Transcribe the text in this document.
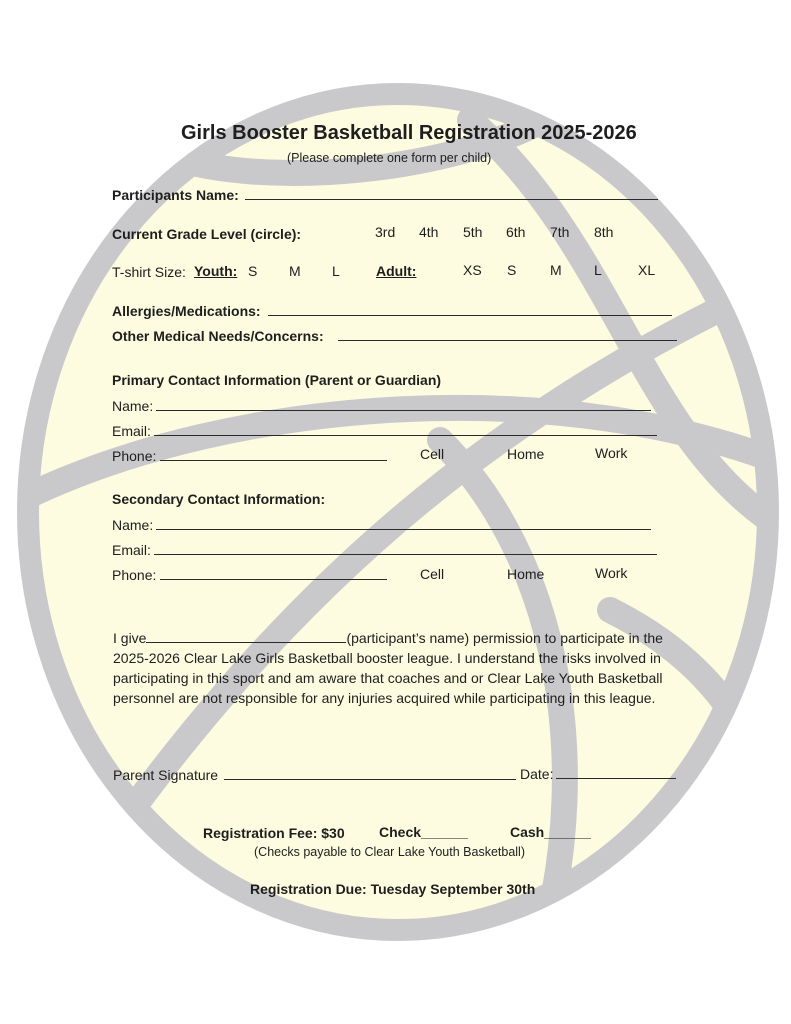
Girls Booster Basketball Registration 2025-2026
(Please complete one form per child)
Participants Name:
Current Grade Level (circle):	3rd 4th 5th 6th 7th 8th
T-shirt Size: Youth: S M L	Adult:	XS S M L	XL
Allergies/Medications:
Other Medical Needs/Concerns:
Primary Contact Information (Parent or Guardian)
Name:
Email:
Phone:	Cell	Home	Work
Secondary Contact Information:
Name:
Email:
Phone:	Cell	Home	Work
I give	(participant’s name) permission to participate in the 2025-2026 Clear Lake Girls Basketball booster league. I understand the risks involved in participating in this sport and am aware that coaches and or Clear Lake Youth Basketball personnel are not responsible for any injuries acquired while participating in this league.
Parent Signature	Date:
Registration Fee: $30 Check______	Cash______
(Checks payable to Clear Lake Youth Basketball)
Registration Due: Tuesday September 30th
